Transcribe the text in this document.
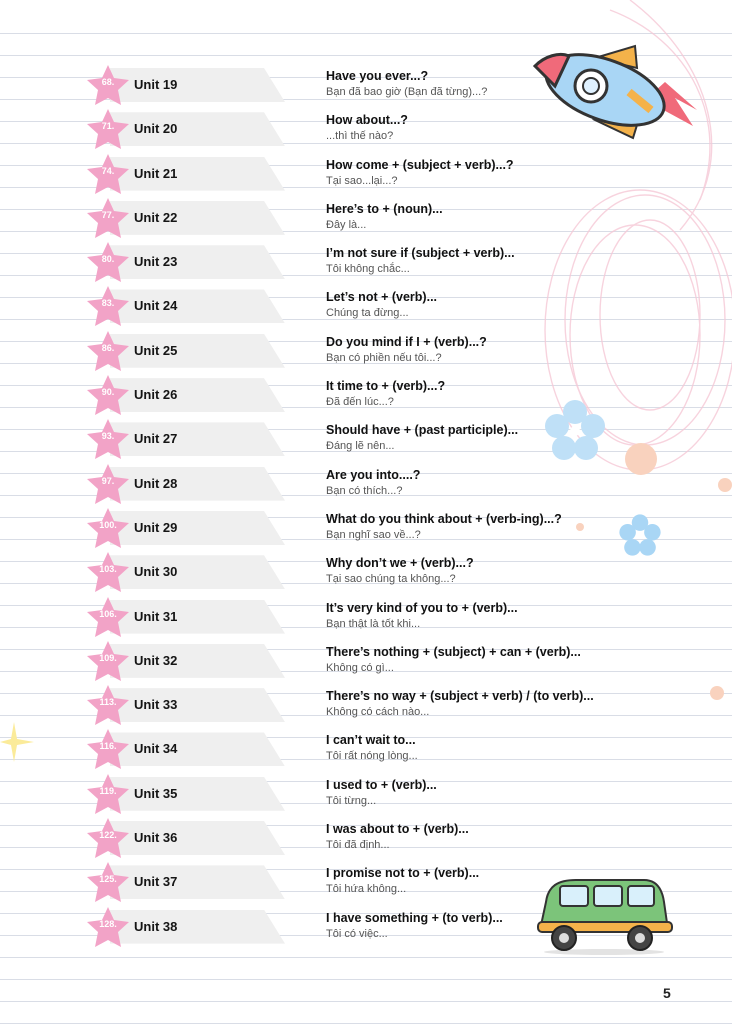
68.	Unit 19
Have you ever...?
Bạn đã bao giờ (Bạn đã từng)...?
71.	Unit 20
How about...?
...thì thế nào?
74.	Unit 21
How come + (subject + verb)...?
Tại sao...lại...?
77.	Unit 22
Here’s to + (noun)...
Đây là...
80.	Unit 23
I’m not sure if (subject + verb)...
Tôi không chắc...
83.	Unit 24
Let’s not + (verb)...
Chúng ta đừng...
86.	Unit 25
Do you mind if I + (verb)...?
Bạn có phiền nếu tôi...?
90.	Unit 26
It time to + (verb)...?
Đã đến lúc...?
93.	Unit 27
Should have + (past participle)...
Đáng lẽ nên...
97.	Unit 28
Are you into....?
Bạn có thích...?
100.	Unit 29
What do you think about + (verb-ing)...?
Bạn nghĩ sao về...?
103.	Unit 30
Why don’t we + (verb)...?
Tại sao chúng ta không...?
106.	Unit 31
It’s very kind of you to + (verb)...
Bạn thật là tốt khi...
109.	Unit 32
There’s nothing + (subject) + can + (verb)...
Không có gì...
113.	Unit 33
There’s no way + (subject + verb) / (to verb)...
Không có cách nào...
116.	Unit 34
I can’t wait to...
Tôi rất nóng lòng...
119.	Unit 35
I used to + (verb)...
Tôi từng...
122.	Unit 36
I was about to + (verb)...
Tôi đã định...
125.	Unit 37
I promise not to + (verb)...
Tôi hứa không...
128.	Unit 38
I have something + (to verb)...
Tôi có việc...
5
